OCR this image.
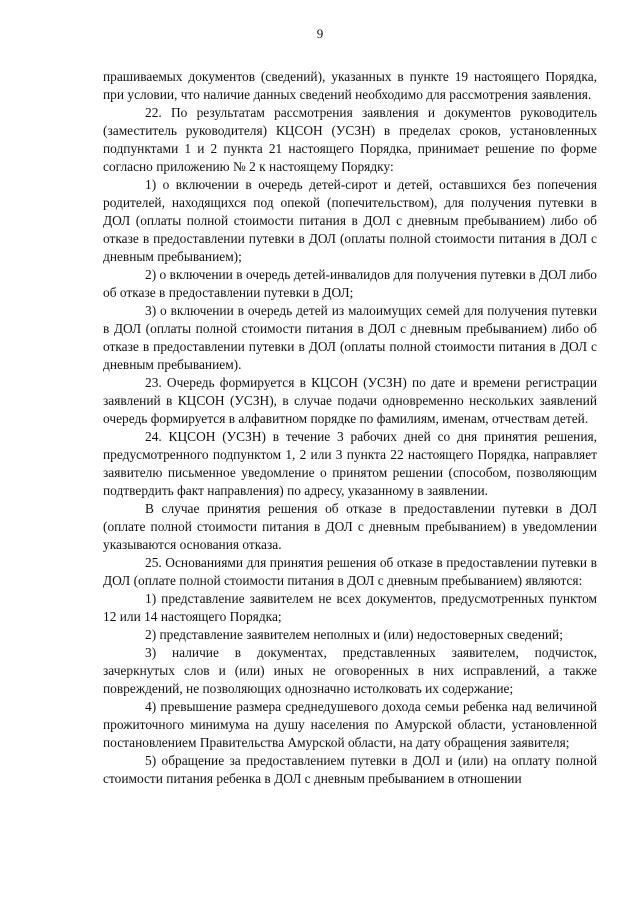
9

прашиваемых документов (сведений), указанных в пункте 19 настоящего Порядка, при условии, что наличие данных сведений необходимо для рассмотрения заявления.

22. По результатам рассмотрения заявления и документов руководитель (заместитель руководителя) КЦСОН (УСЗН) в пределах сроков, установленных подпунктами 1 и 2 пункта 21 настоящего Порядка, принимает решение по форме согласно приложению № 2 к настоящему Порядку:

1) о включении в очередь детей-сирот и детей, оставшихся без попечения родителей, находящихся под опекой (попечительством), для получения путевки в ДОЛ (оплаты полной стоимости питания в ДОЛ с дневным пребыванием) либо об отказе в предоставлении путевки в ДОЛ (оплаты полной стоимости питания в ДОЛ с дневным пребыванием);

2) о включении в очередь детей-инвалидов для получения путевки в ДОЛ либо об отказе в предоставлении путевки в ДОЛ;

3) о включении в очередь детей из малоимущих семей для получения путевки в ДОЛ (оплаты полной стоимости питания в ДОЛ с дневным пребыванием) либо об отказе в предоставлении путевки в ДОЛ (оплаты полной стоимости питания в ДОЛ с дневным пребыванием).

23. Очередь формируется в КЦСОН (УСЗН) по дате и времени регистрации заявлений в КЦСОН (УСЗН), в случае подачи одновременно нескольких заявлений очередь формируется в алфавитном порядке по фамилиям, именам, отчествам детей.

24. КЦСОН (УСЗН) в течение 3 рабочих дней со дня принятия решения, предусмотренного подпунктом 1, 2 или 3 пункта 22 настоящего Порядка, направляет заявителю письменное уведомление о принятом решении (способом, позволяющим подтвердить факт направления) по адресу, указанному в заявлении.

В случае принятия решения об отказе в предоставлении путевки в ДОЛ (оплате полной стоимости питания в ДОЛ с дневным пребыванием) в уведомлении указываются основания отказа.

25. Основаниями для принятия решения об отказе в предоставлении путевки в ДОЛ (оплате полной стоимости питания в ДОЛ с дневным пребыванием) являются:

1) представление заявителем не всех документов, предусмотренных пунктом 12 или 14 настоящего Порядка;

2) представление заявителем неполных и (или) недостоверных сведений;

3) наличие в документах, представленных заявителем, подчисток, зачеркнутых слов и (или) иных не оговоренных в них исправлений, а также повреждений, не позволяющих однозначно истолковать их содержание;

4) превышение размера среднедушевого дохода семьи ребенка над величиной прожиточного минимума на душу населения по Амурской области, установленной постановлением Правительства Амурской области, на дату обращения заявителя;

5) обращение за предоставлением путевки в ДОЛ и (или) на оплату полной стоимости питания ребенка в ДОЛ с дневным пребыванием в отношении
